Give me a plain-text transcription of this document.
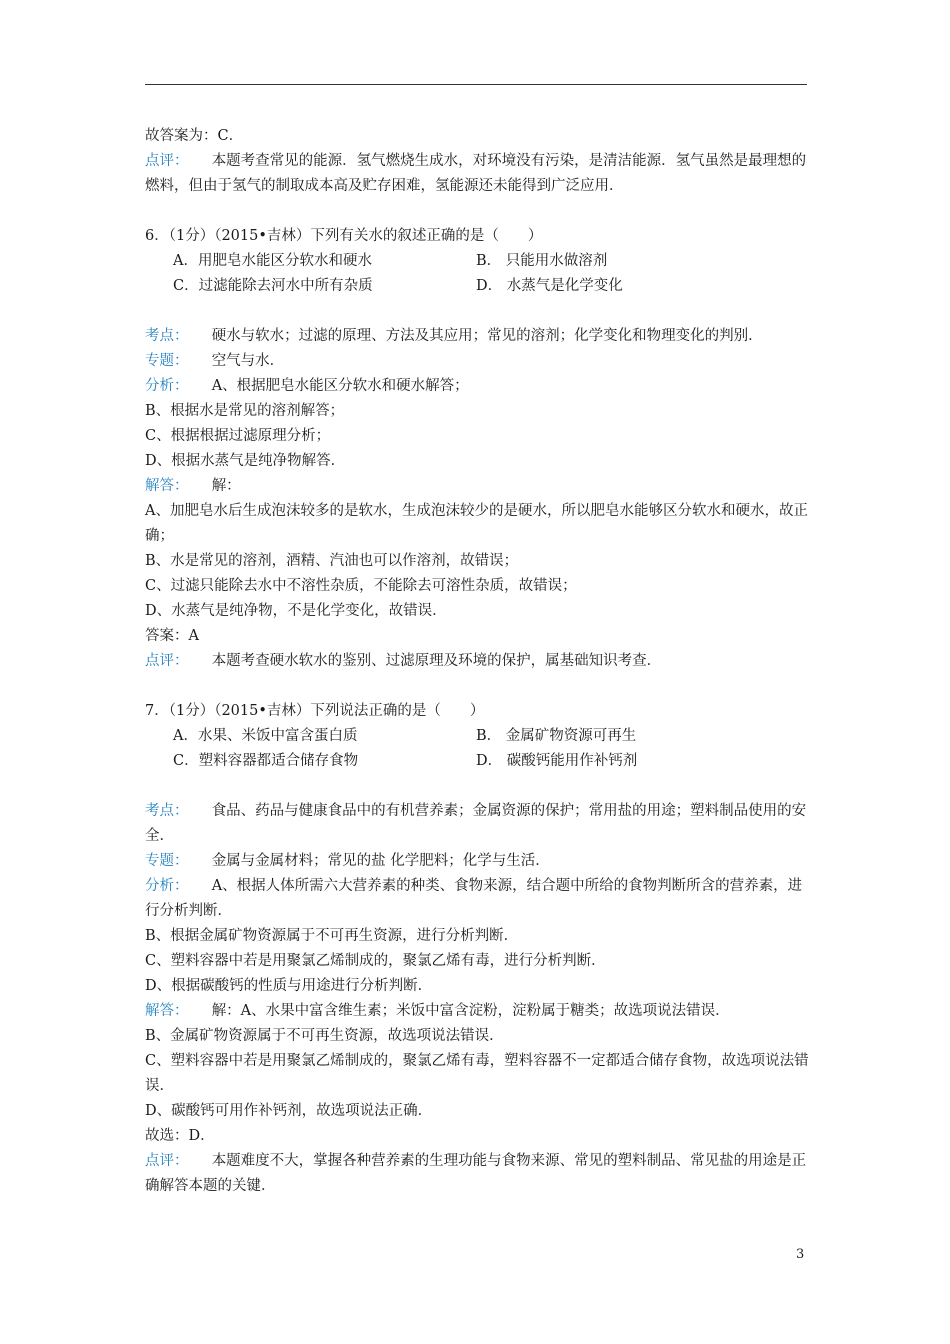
故答案为：C．
点评： 本题考查常见的能源．氢气燃烧生成水，对环境没有污染，是清洁能源．氢气虽然是最理想的燃料，但由于氢气的制取成本高及贮存困难，氢能源还未能得到广泛应用．
6．（1分）（2015•吉林）下列有关水的叙述正确的是（　　）
A．用肥皂水能区分软水和硬水	B． 只能用水做溶剂
C．过滤能除去河水中所有杂质	D． 水蒸气是化学变化
考点： 硬水与软水；过滤的原理、方法及其应用；常见的溶剂；化学变化和物理变化的判别．
专题： 空气与水．
分析： A、根据肥皂水能区分软水和硬水解答；
B、根据水是常见的溶剂解答；
C、根据根据过滤原理分析；
D、根据水蒸气是纯净物解答．
解答： 解：
A、加肥皂水后生成泡沫较多的是软水，生成泡沫较少的是硬水，所以肥皂水能够区分软水和硬水，故正确；
B、水是常见的溶剂，酒精、汽油也可以作溶剂，故错误；
C、过滤只能除去水中不溶性杂质，不能除去可溶性杂质，故错误；
D、水蒸气是纯净物，不是化学变化，故错误．
答案：A
点评： 本题考查硬水软水的鉴别、过滤原理及环境的保护，属基础知识考查．
7．（1分）（2015•吉林）下列说法正确的是（　　）
A．水果、米饭中富含蛋白质	B． 金属矿物资源可再生
C．塑料容器都适合储存食物	D． 碳酸钙能用作补钙剂
考点： 食品、药品与健康食品中的有机营养素；金属资源的保护；常用盐的用途；塑料制品使用的安全．
专题： 金属与金属材料；常见的盐 化学肥料；化学与生活．
分析： A、根据人体所需六大营养素的种类、食物来源，结合题中所给的食物判断所含的营养素，进行分析判断．
B、根据金属矿物资源属于不可再生资源，进行分析判断．
C、塑料容器中若是用聚氯乙烯制成的，聚氯乙烯有毒，进行分析判断．
D、根据碳酸钙的性质与用途进行分析判断．
解答： 解：A、水果中富含维生素；米饭中富含淀粉，淀粉属于糖类；故选项说法错误．
B、金属矿物资源属于不可再生资源，故选项说法错误．
C、塑料容器中若是用聚氯乙烯制成的，聚氯乙烯有毒，塑料容器不一定都适合储存食物，故选项说法错误．
D、碳酸钙可用作补钙剂，故选项说法正确．
故选：D．
点评： 本题难度不大，掌握各种营养素的生理功能与食物来源、常见的塑料制品、常见盐的用途是正确解答本题的关键．
3
